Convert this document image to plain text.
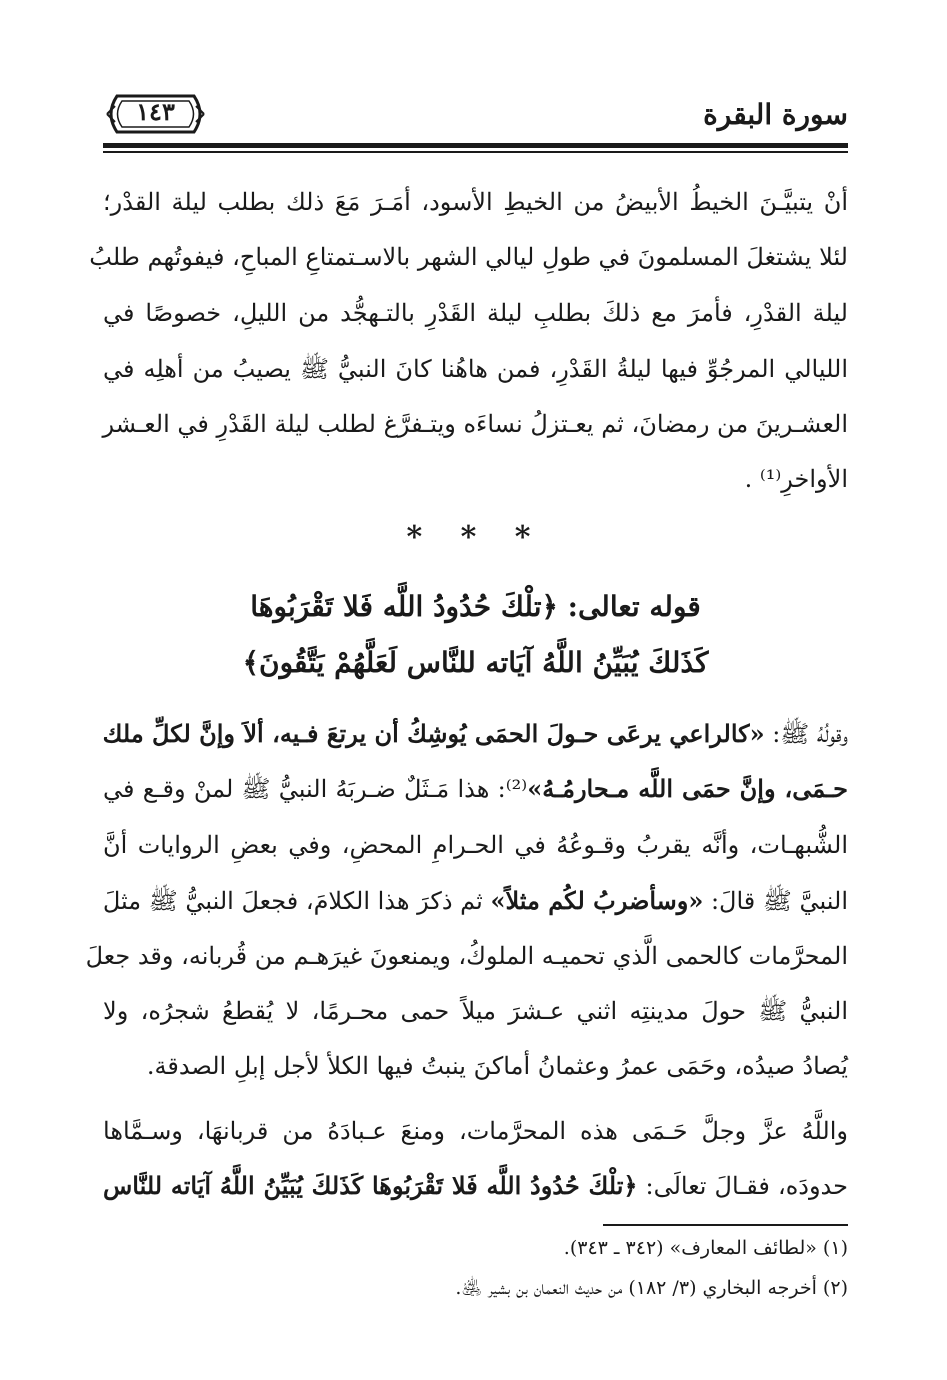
سورة البقرة
١٤٣
أنْ يتبيَّـنَ الخيطُ الأبيضُ من الخيطِ الأسود، أمَـرَ مَعَ ذلك بطلب ليلة القدْر؛
لئلا يشتغلَ المسلمونَ في طولِ ليالي الشهر بالاسـتمتاعِ المباحِ، فيفوتُهم طلبُ
ليلة القدْرِ، فأمرَ مع ذلكَ بطلبِ ليلة القَدْرِ بالتـهجُّد من الليلِ، خصوصًا في
الليالي المرجُوِّ فيها ليلةُ القَدْرِ، فمن هاهُنا كانَ النبيُّ ﷺ يصيبُ من أهلِه في
العشـرينَ من رمضانَ، ثم يعـتزلُ نساءَه ويتـفرَّغ لطلب ليلة القَدْرِ في العـشر
الأواخرِ⁽¹⁾ .
* * *
قوله تعالى: ﴿تلْكَ حُدُودُ اللَّه فَلا تَقْرَبُوهَا
كَذَلكَ يُبَيِّنُ اللَّهُ آيَاته للنَّاس لَعَلَّهُمْ يَتَّقُونَ﴾
وقولُهُ ﷺ: «كالراعي يرعَى حـولَ الحمَى يُوشِكُ أن يرتعَ فـيه، ألاَ وإنَّ لكلِّ ملك
حـمَى، وإنَّ حمَى اللَّه مـحارمُـهُ»⁽²⁾: هذا مَـثَلٌ ضـربَهُ النبيُّ ﷺ لمنْ وقـع في
الشُّبهـات، وأنَّه يقربُ وقـوعُهُ في الحـرامِ المحضِ، وفي بعضِ الروايات أنَّ
النبيَّ ﷺ قالَ: «وسأضربُ لكُم مثلاً» ثم ذكرَ هذا الكلامَ، فجعلَ النبيُّ ﷺ مثلَ
المحرَّمات كالحمى الَّذي تحميـه الملوكُ، ويمنعونَ غيرَهـم من قُربانه، وقد جعلَ
النبيُّ ﷺ حولَ مدينتِه اثني عـشرَ ميلاً حمى محـرمًا، لا يُقطعُ شجرُه، ولا
يُصادُ صيدُه، وحَمَى عمرُ وعثمانُ أماكنَ ينبتُ فيها الكلأ لأجل إبلِ الصدقة.
واللَّهُ عزَّ وجلَّ حَـمَى هذه المحرَّمات، ومنعَ عـبادَهُ من قربانهَا، وسـمَّاها
حدودَه، فقـالَ تعالَى: ﴿تلْكَ حُدُودُ اللَّه فَلا تَقْرَبُوهَا كَذَلكَ يُبَيِّنُ اللَّهُ آيَاته للنَّاس
(١) «لطائف المعارف» (٣٤٢ ـ ٣٤٣).
(٢) أخرجه البخاري (٣/ ١٨٢) من حديث النعمان بن بشير ﵁.
